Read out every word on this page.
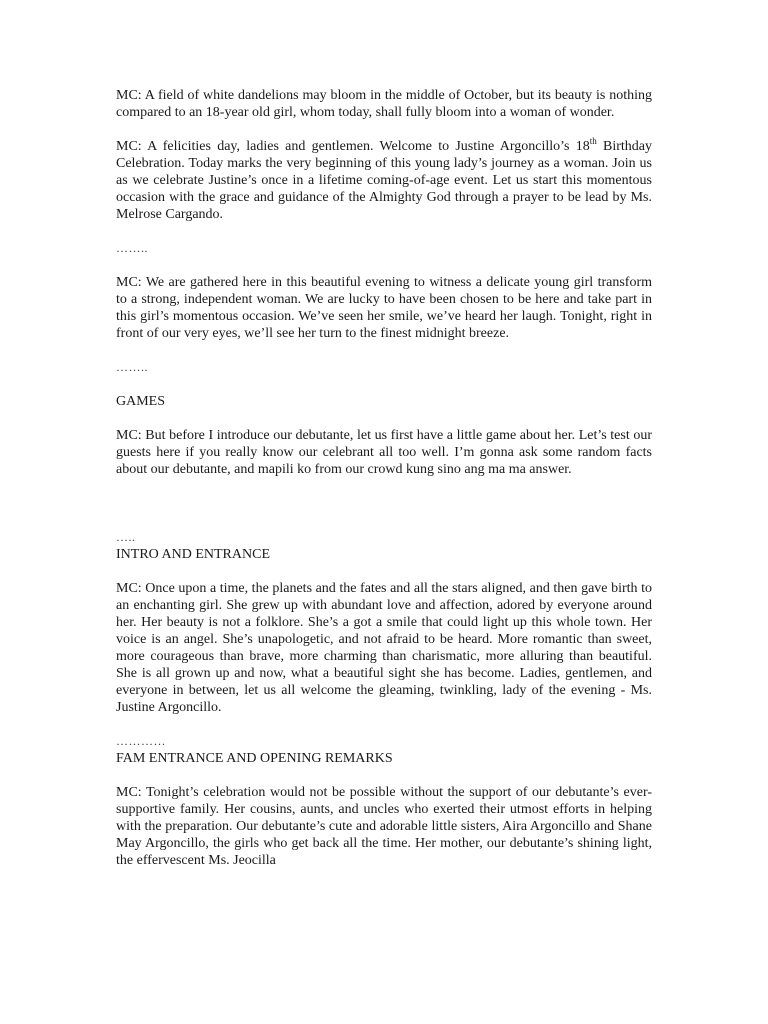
MC: A field of white dandelions may bloom in the middle of October, but its beauty is nothing compared to an 18-year old girl, whom today, shall fully bloom into a woman of wonder.

MC: A felicities day, ladies and gentlemen. Welcome to Justine Argoncillo’s 18th Birthday Celebration. Today marks the very beginning of this young lady’s journey as a woman. Join us as we celebrate Justine’s once in a lifetime coming-of-age event. Let us start this momentous occasion with the grace and guidance of the Almighty God through a prayer to be lead by Ms. Melrose Cargando.

……..

MC: We are gathered here in this beautiful evening to witness a delicate young girl transform to a strong, independent woman. We are lucky to have been chosen to be here and take part in this girl’s momentous occasion. We’ve seen her smile, we’ve heard her laugh. Tonight, right in front of our very eyes, we’ll see her turn to the finest midnight breeze.

……..
GAMES

MC: But before I introduce our debutante, let us first have a little game about her. Let’s test our guests here if you really know our celebrant all too well. I’m gonna ask some random facts about our debutante, and mapili ko from our crowd kung sino ang ma ma answer.

…..
INTRO AND ENTRANCE

MC: Once upon a time, the planets and the fates and all the stars aligned, and then gave birth to an enchanting girl. She grew up with abundant love and affection, adored by everyone around her. Her beauty is not a folklore. She’s a got a smile that could light up this whole town. Her voice is an angel. She’s unapologetic, and not afraid to be heard. More romantic than sweet, more courageous than brave, more charming than charismatic, more alluring than beautiful. She is all grown up and now, what a beautiful sight she has become. Ladies, gentlemen, and everyone in between, let us all welcome the gleaming, twinkling, lady of the evening - Ms. Justine Argoncillo.

…………
FAM ENTRANCE AND OPENING REMARKS

MC: Tonight’s celebration would not be possible without the support of our debutante’s ever-supportive family. Her cousins, aunts, and uncles who exerted their utmost efforts in helping with the preparation. Our debutante’s cute and adorable little sisters, Aira Argoncillo and Shane May Argoncillo, the girls who get back all the time. Her mother, our debutante’s shining light, the effervescent Ms. Jeocilla
